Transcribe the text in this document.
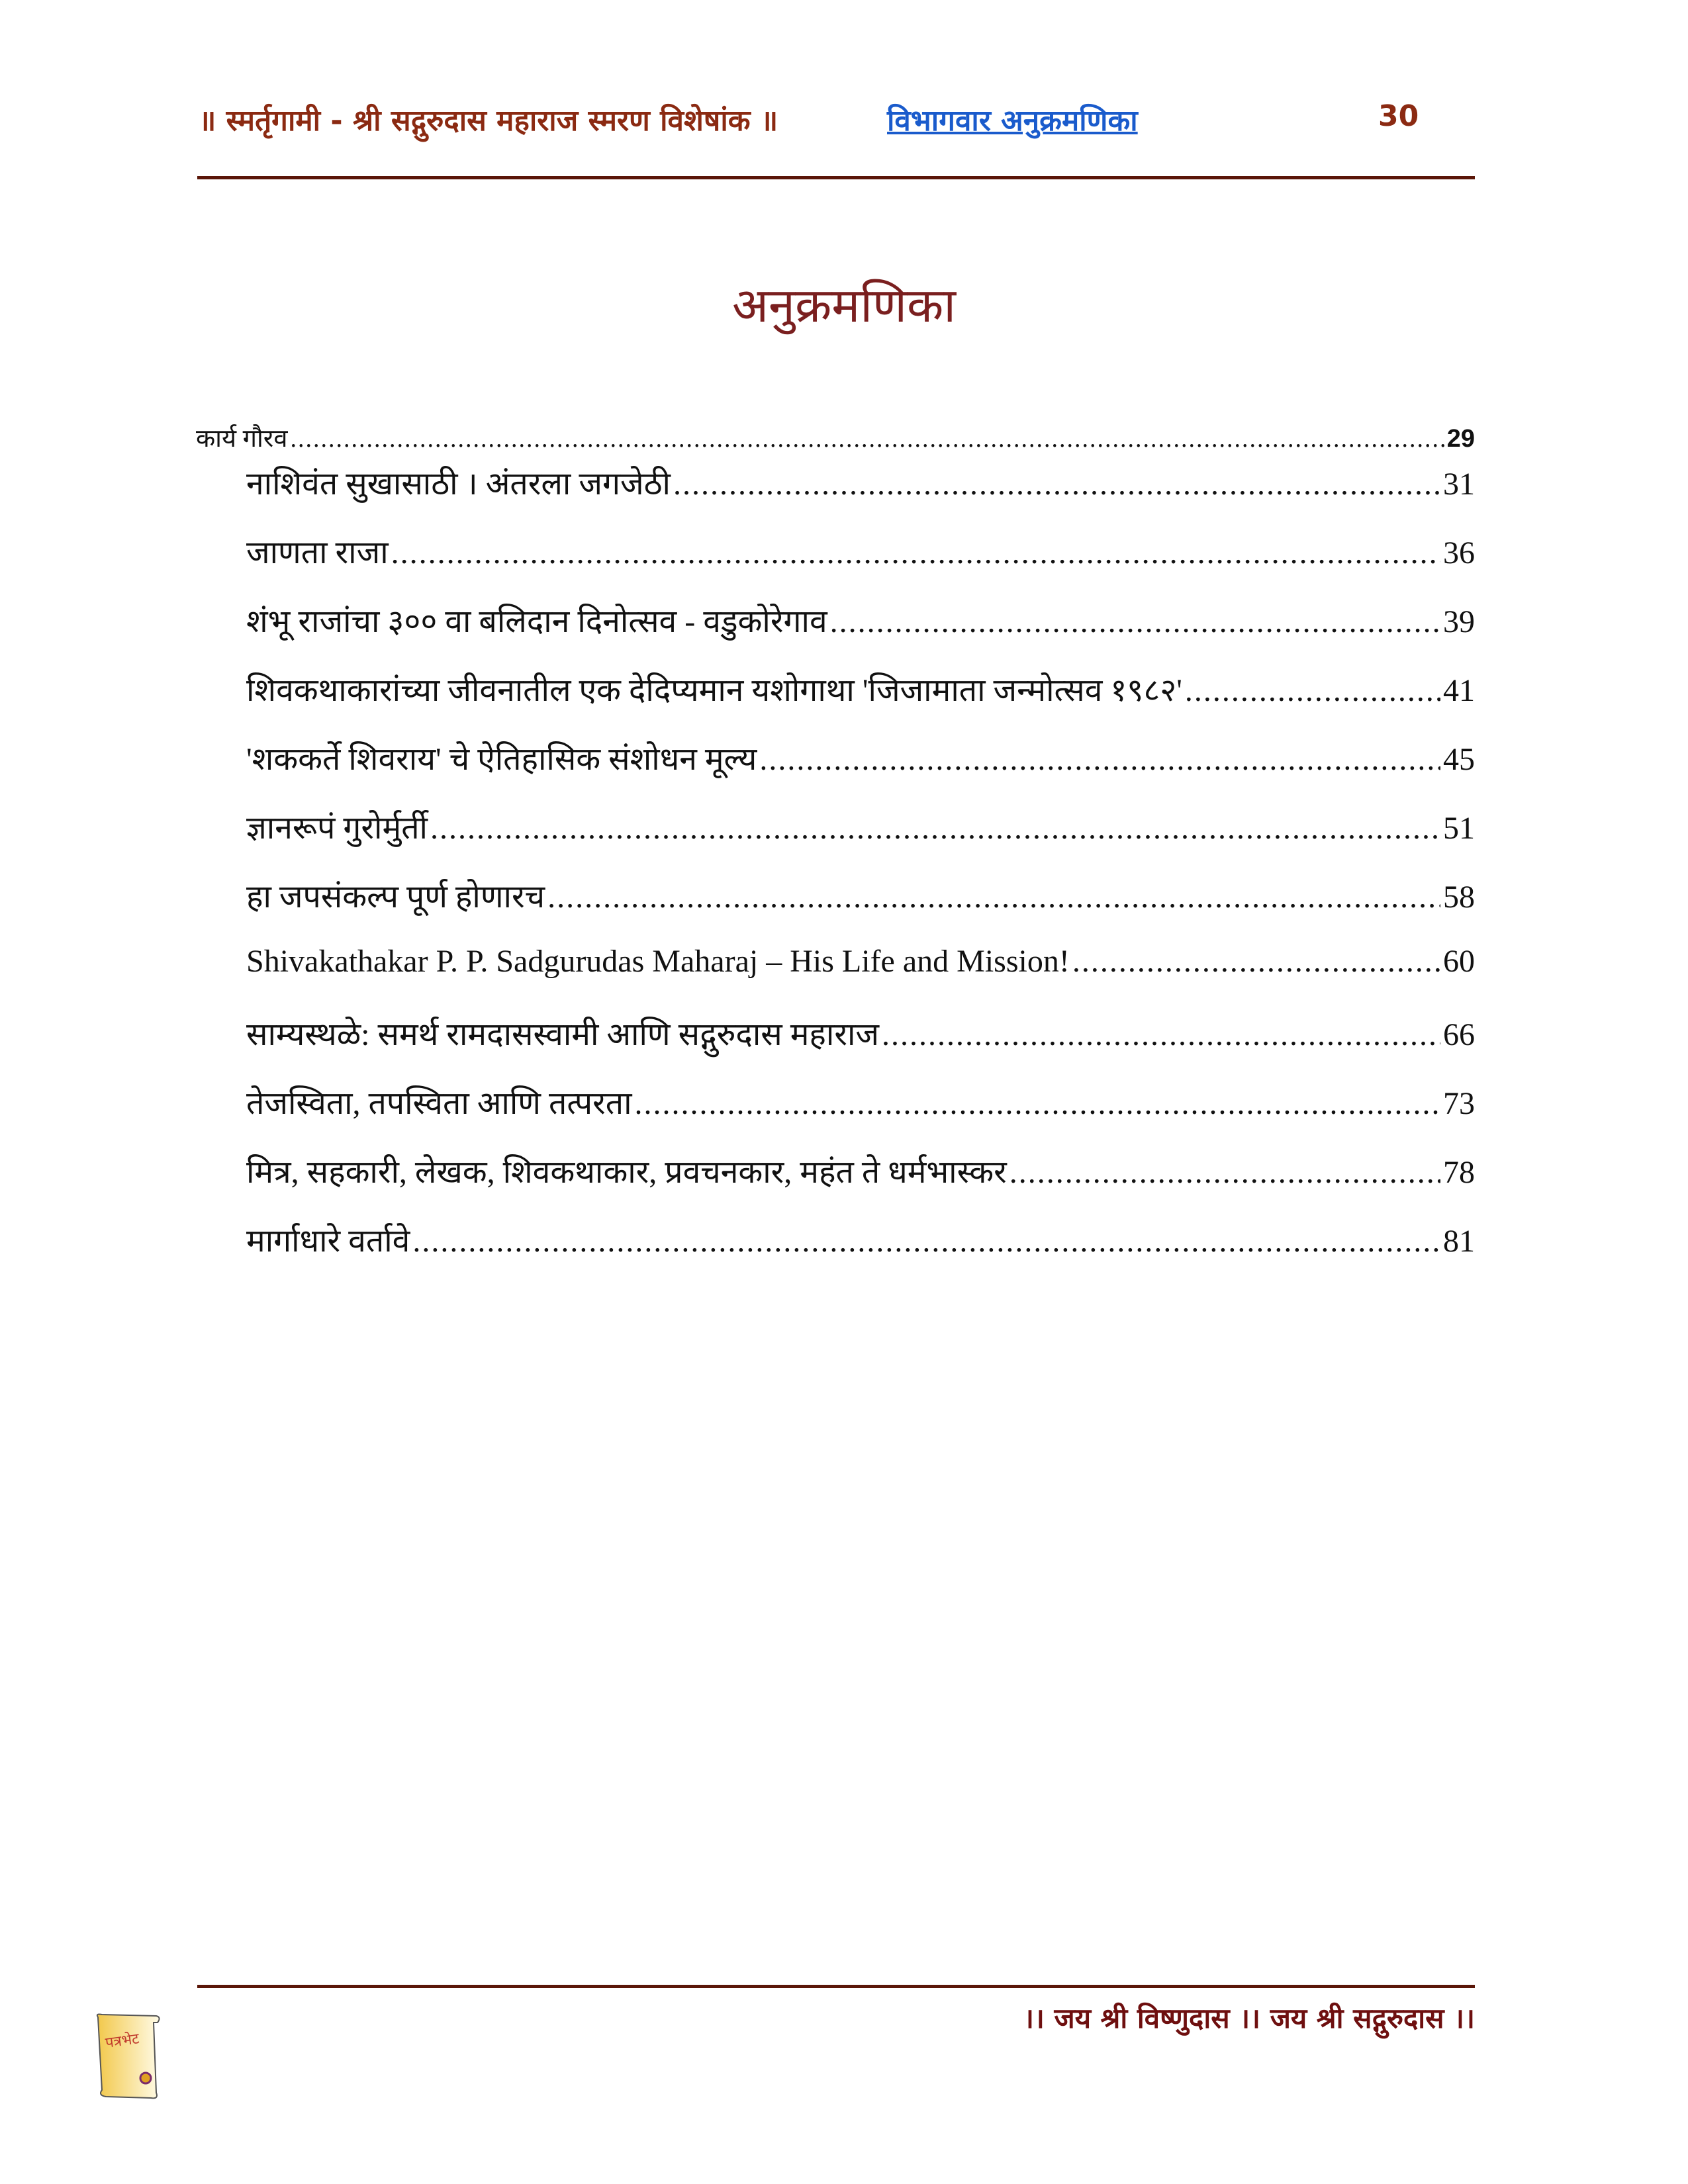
॥ स्मर्तृगामी - श्री सद्गुरुदास महाराज स्मरण विशेषांक ॥	विभागवार अनुक्रमणिका	30
अनुक्रमणिका
कार्य गौरव .....	29
नाशिवंत सुखासाठी । अंतरला जगजेठी .....	31
जाणता राजा .....	36
शंभू राजांचा ३०० वा बलिदान दिनोत्सव - वडुकोरेगाव .....	39
शिवकथाकारांच्या जीवनातील एक देदिप्यमान यशोगाथा 'जिजामाता जन्मोत्सव १९८२' .....	41
'शककर्ते शिवराय' चे ऐतिहासिक संशोधन मूल्य .....	45
ज्ञानरूपं गुरोर्मुर्ती .....	51
हा जपसंकल्प पूर्ण होणारच .....	58
Shivakathakar P. P. Sadgurudas Maharaj – His Life and Mission! .....	60
साम्यस्थळे: समर्थ रामदासस्वामी आणि सद्गुरुदास महाराज .....	66
तेजस्विता, तपस्विता आणि तत्परता .....	73
मित्र, सहकारी, लेखक, शिवकथाकार, प्रवचनकार, महंत ते धर्मभास्कर .....	78
मार्गाधारे वर्तावे .....	81
पत्रभेट
।। जय श्री विष्णुदास ।। जय श्री सद्गुरुदास ।।
